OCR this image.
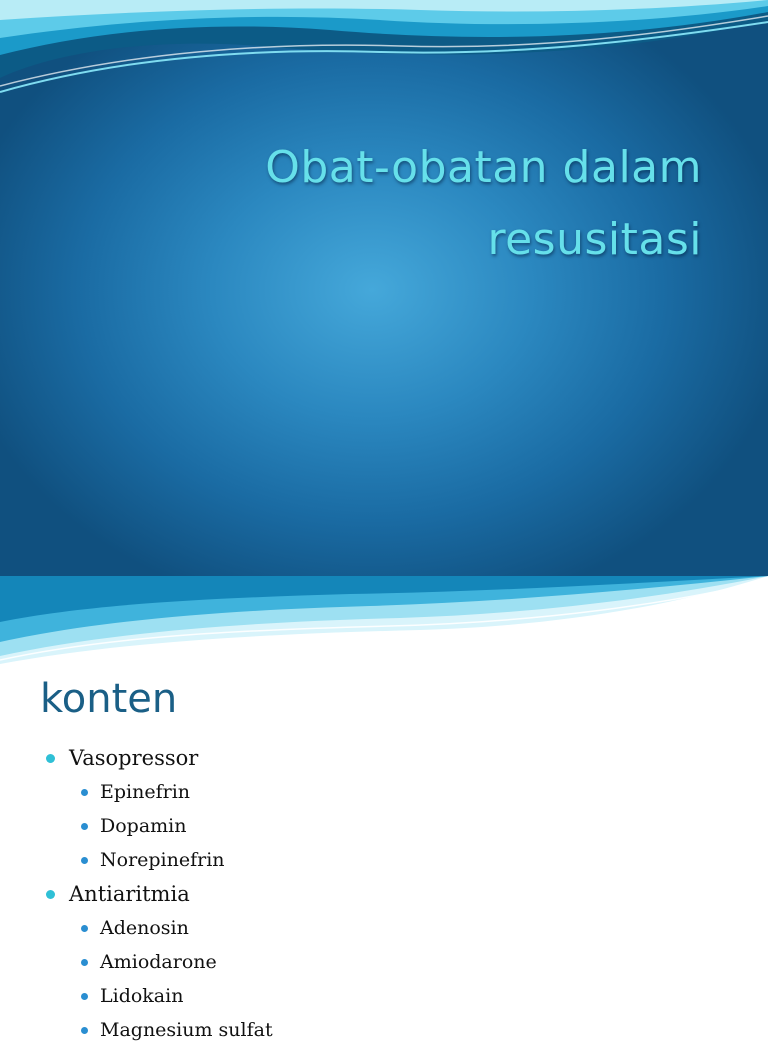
Obat-obatan dalam
resusitasi
konten
Vasopressor
Epinefrin
Dopamin
Norepinefrin
Antiaritmia
Adenosin
Amiodarone
Lidokain
Magnesium sulfat
